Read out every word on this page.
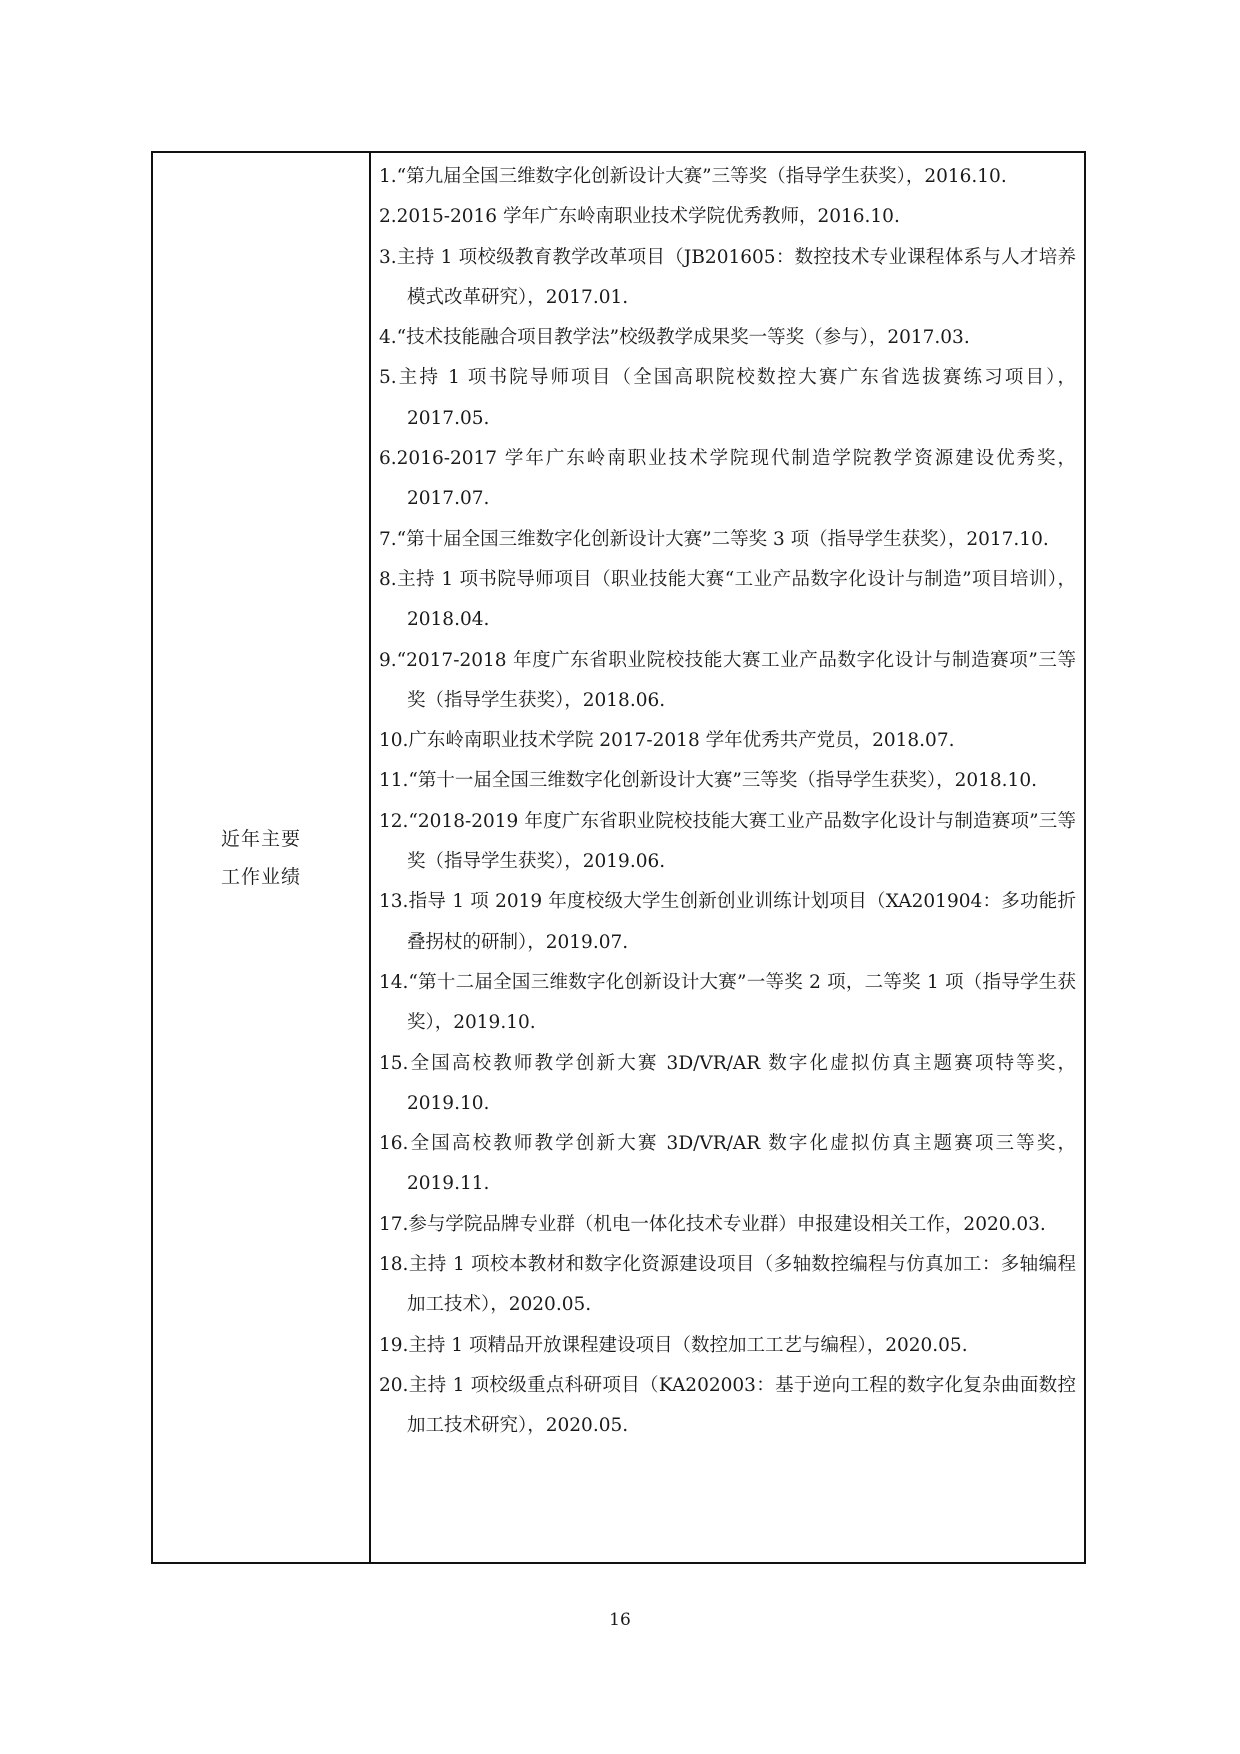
近年主要
工作业绩
1.“第九届全国三维数字化创新设计大赛”三等奖（指导学生获奖），2016.10.
2.2015-2016 学年广东岭南职业技术学院优秀教师，2016.10.
3.主持 1 项校级教育教学改革项目（JB201605：数控技术专业课程体系与人才培养模式改革研究），2017.01.
4.“技术技能融合项目教学法”校级教学成果奖一等奖（参与），2017.03.
5.主持 1 项书院导师项目（全国高职院校数控大赛广东省选拔赛练习项目），2017.05.
6.2016-2017 学年广东岭南职业技术学院现代制造学院教学资源建设优秀奖，2017.07.
7.“第十届全国三维数字化创新设计大赛”二等奖 3 项（指导学生获奖），2017.10.
8.主持 1 项书院导师项目（职业技能大赛“工业产品数字化设计与制造”项目培训），2018.04.
9.“2017-2018 年度广东省职业院校技能大赛工业产品数字化设计与制造赛项”三等奖（指导学生获奖），2018.06.
10.广东岭南职业技术学院 2017-2018 学年优秀共产党员，2018.07.
11.“第十一届全国三维数字化创新设计大赛”三等奖（指导学生获奖），2018.10.
12.“2018-2019 年度广东省职业院校技能大赛工业产品数字化设计与制造赛项”三等奖（指导学生获奖），2019.06.
13.指导 1 项 2019 年度校级大学生创新创业训练计划项目（XA201904：多功能折叠拐杖的研制），2019.07.
14.“第十二届全国三维数字化创新设计大赛”一等奖 2 项，二等奖 1 项（指导学生获奖），2019.10.
15.全国高校教师教学创新大赛 3D/VR/AR 数字化虚拟仿真主题赛项特等奖，2019.10.
16.全国高校教师教学创新大赛 3D/VR/AR 数字化虚拟仿真主题赛项三等奖，2019.11.
17.参与学院品牌专业群（机电一体化技术专业群）申报建设相关工作，2020.03.
18.主持 1 项校本教材和数字化资源建设项目（多轴数控编程与仿真加工：多轴编程加工技术），2020.05.
19.主持 1 项精品开放课程建设项目（数控加工工艺与编程），2020.05.
20.主持 1 项校级重点科研项目（KA202003：基于逆向工程的数字化复杂曲面数控加工技术研究），2020.05.
16
